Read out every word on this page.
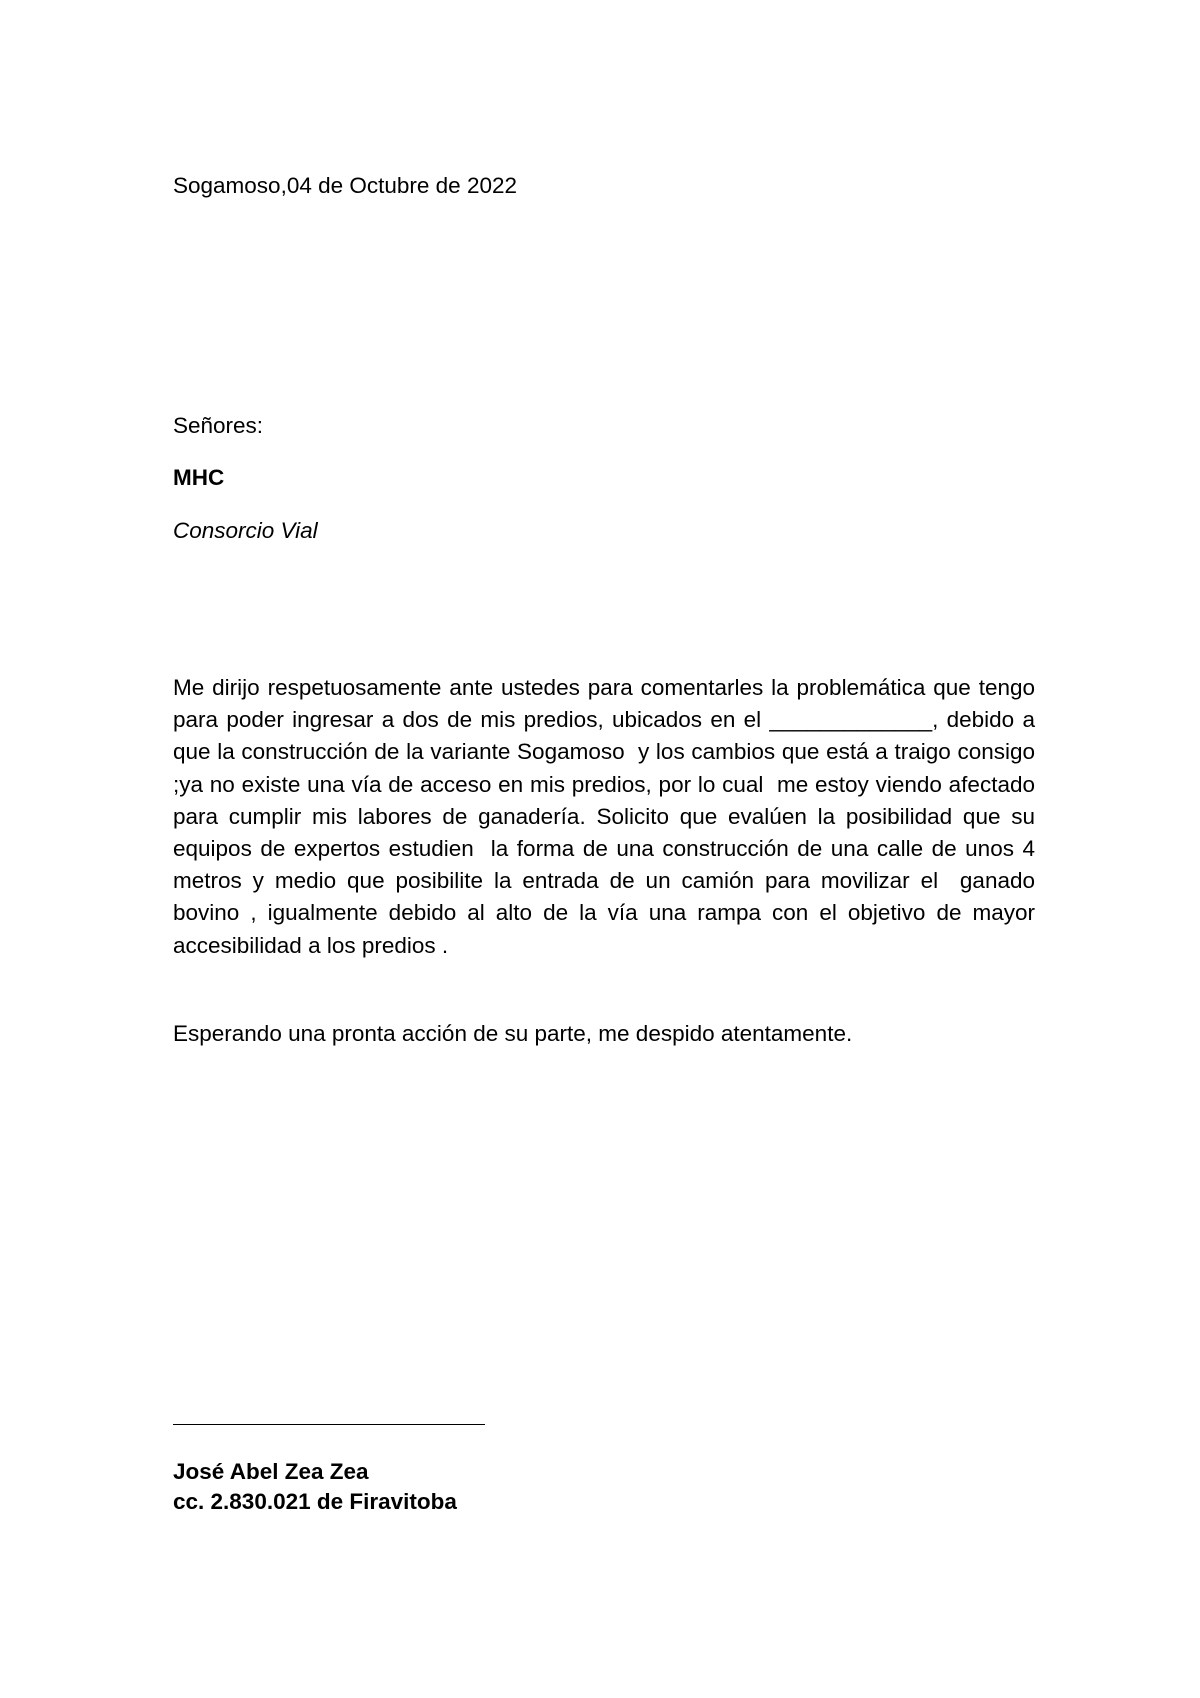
Sogamoso,04 de Octubre de 2022

Señores:

MHC

Consorcio Vial

Me dirijo respetuosamente ante ustedes para comentarles la problemática que tengo para poder ingresar a dos de mis predios, ubicados en el _____________, debido a que la construcción de la variante Sogamoso  y los cambios que está a traigo consigo ;ya no existe una vía de acceso en mis predios, por lo cual  me estoy viendo afectado para cumplir mis labores de ganadería. Solicito que evalúen la posibilidad que su  equipos de expertos estudien  la forma de una construcción de una calle de unos 4 metros y medio que posibilite la entrada de un camión para movilizar el  ganado bovino , igualmente debido al alto de la vía una rampa con el objetivo de mayor accesibilidad a los predios .

Esperando una pronta acción de su parte, me despido atentamente.

José Abel Zea Zea

cc. 2.830.021 de Firavitoba
